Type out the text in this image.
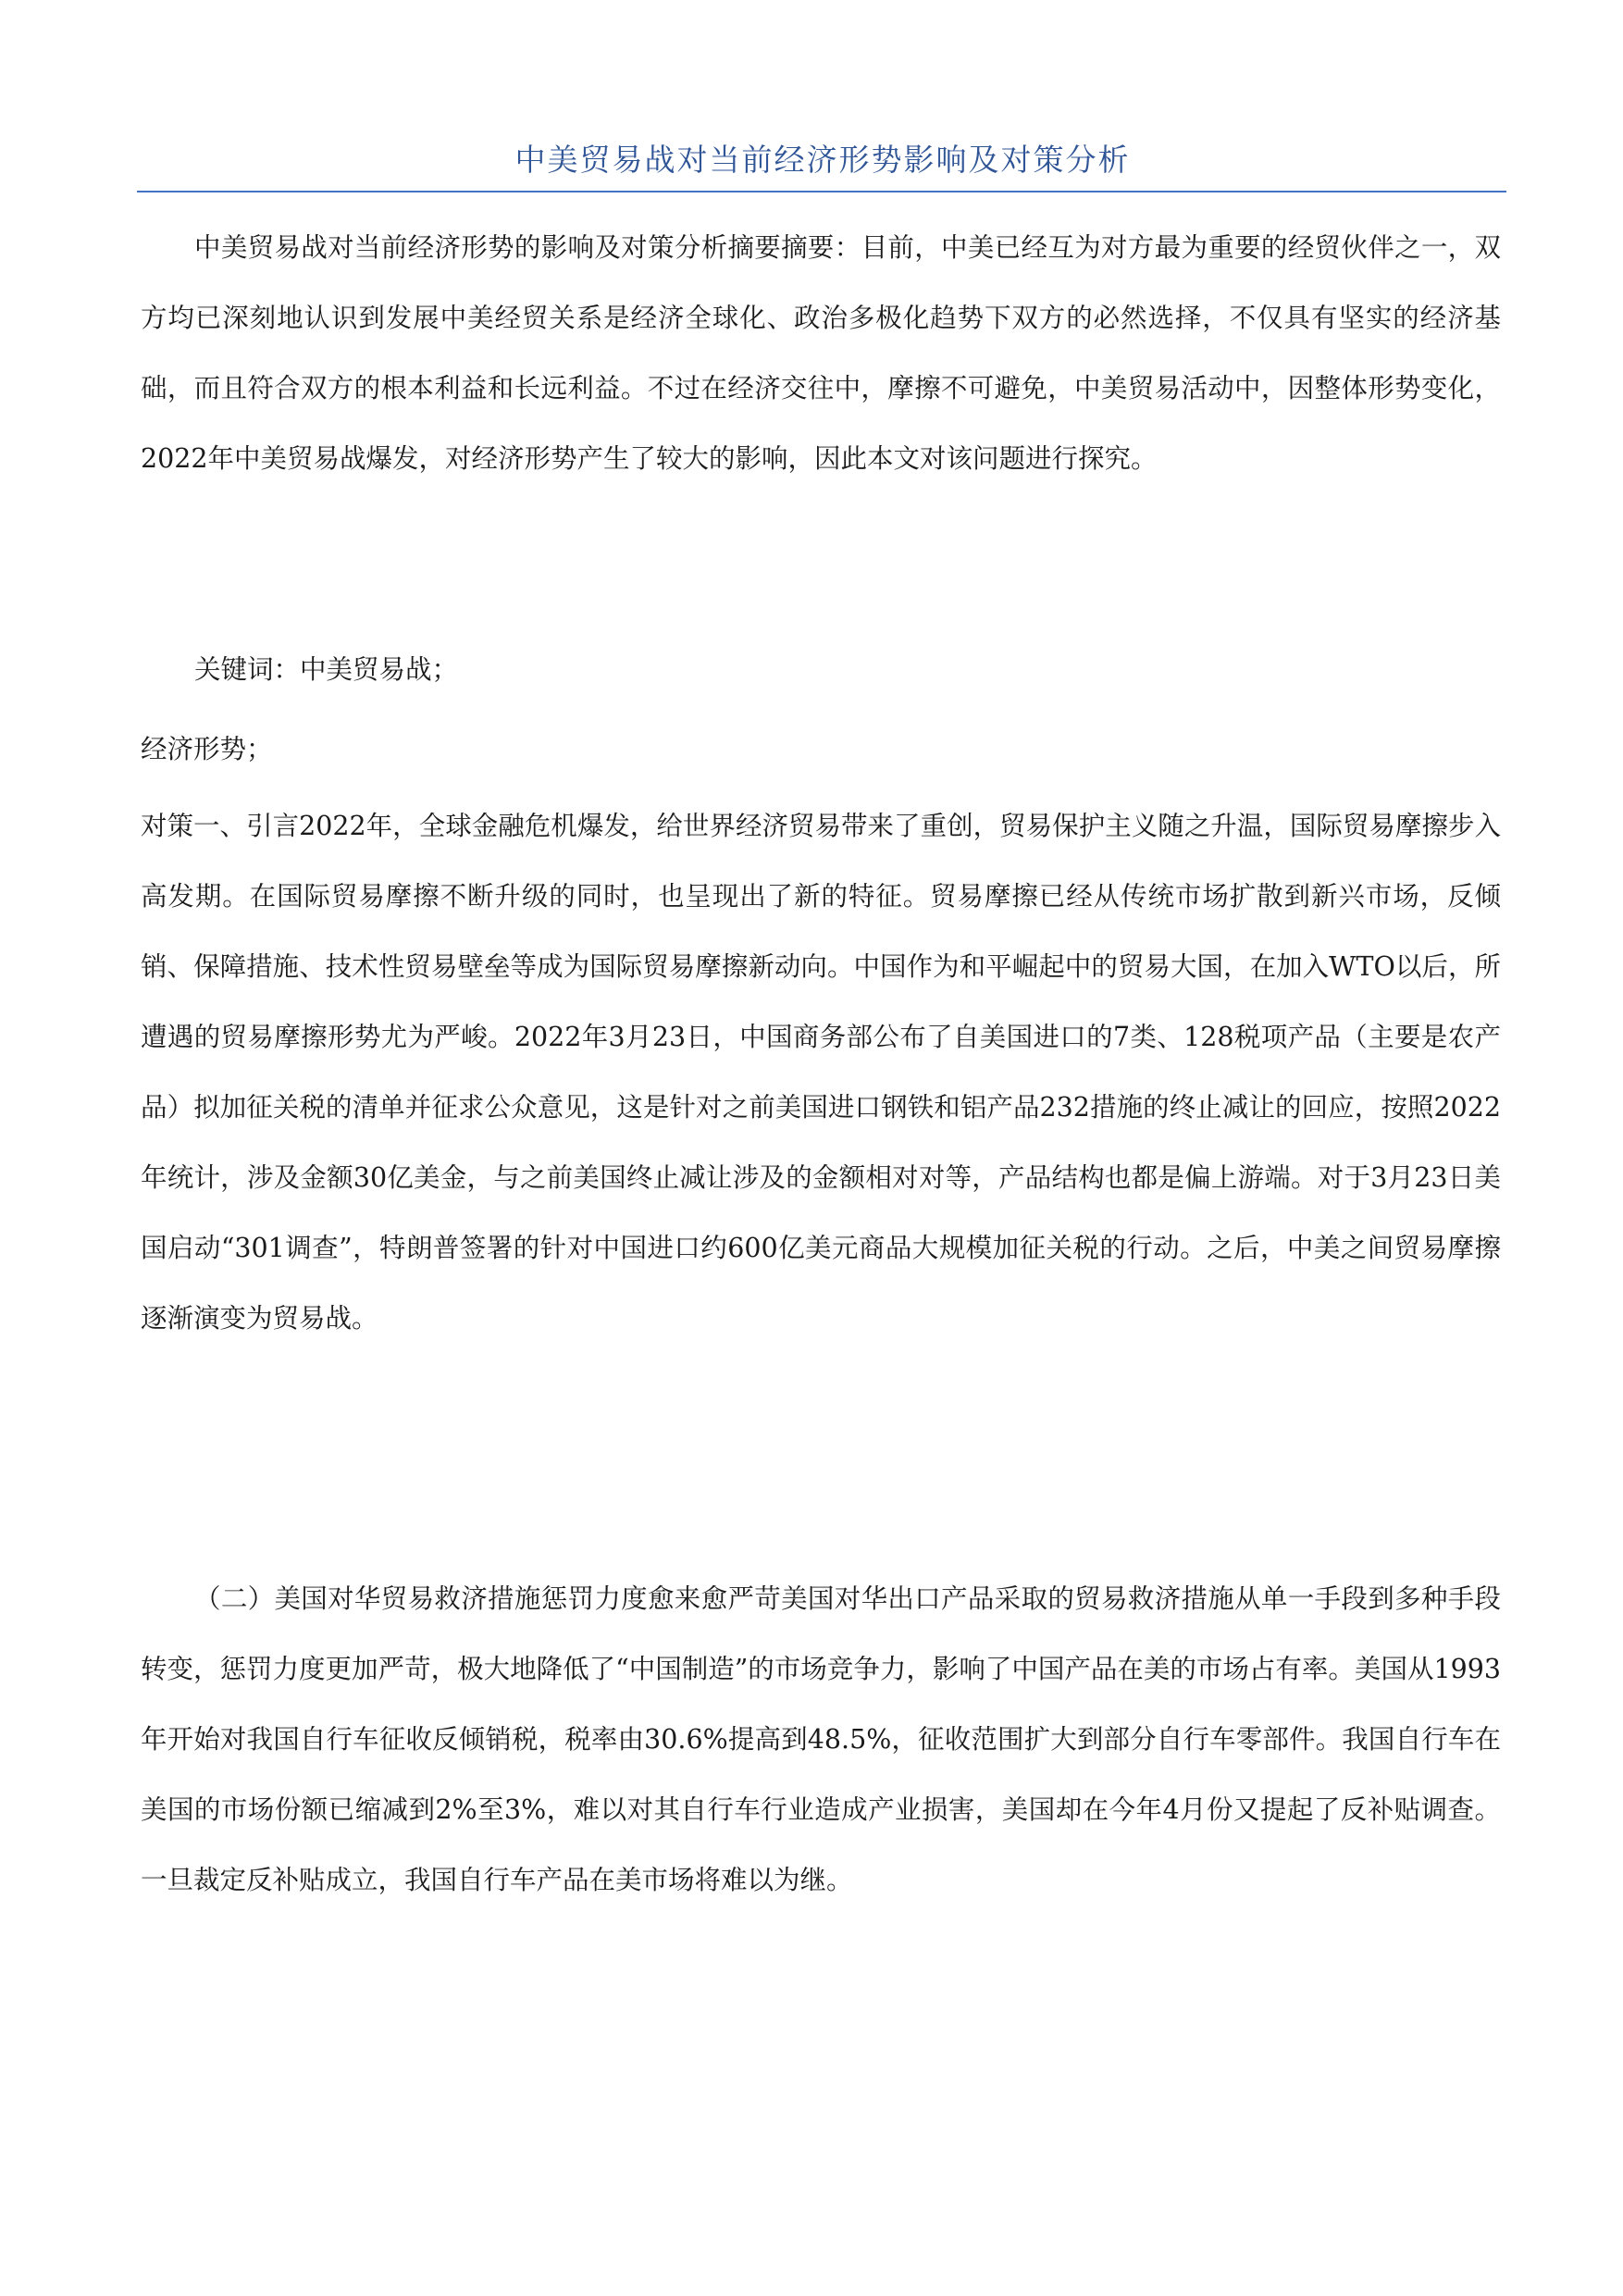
中美贸易战对当前经济形势影响及对策分析

中美贸易战对当前经济形势的影响及对策分析摘要摘要：目前，中美已经互为对方最为重要的经贸伙伴之一，双方均已深刻地认识到发展中美经贸关系是经济全球化、政治多极化趋势下双方的必然选择，不仅具有坚实的经济基础，而且符合双方的根本利益和长远利益。不过在经济交往中，摩擦不可避免，中美贸易活动中，因整体形势变化，2022年中美贸易战爆发，对经济形势产生了较大的影响，因此本文对该问题进行探究。

关键词：中美贸易战；

经济形势；

对策一、引言2022年，全球金融危机爆发，给世界经济贸易带来了重创，贸易保护主义随之升温，国际贸易摩擦步入高发期。在国际贸易摩擦不断升级的同时，也呈现出了新的特征。贸易摩擦已经从传统市场扩散到新兴市场，反倾销、保障措施、技术性贸易壁垒等成为国际贸易摩擦新动向。中国作为和平崛起中的贸易大国，在加入WTO以后，所遭遇的贸易摩擦形势尤为严峻。2022年3月23日，中国商务部公布了自美国进口的7类、128税项产品（主要是农产品）拟加征关税的清单并征求公众意见，这是针对之前美国进口钢铁和铝产品232措施的终止减让的回应，按照2022年统计，涉及金额30亿美金，与之前美国终止减让涉及的金额相对对等，产品结构也都是偏上游端。对于3月23日美国启动“301调查”，特朗普签署的针对中国进口约600亿美元商品大规模加征关税的行动。之后，中美之间贸易摩擦逐渐演变为贸易战。

（二）美国对华贸易救济措施惩罚力度愈来愈严苛美国对华出口产品采取的贸易救济措施从单一手段到多种手段转变，惩罚力度更加严苛，极大地降低了“中国制造”的市场竞争力，影响了中国产品在美的市场占有率。美国从1993年开始对我国自行车征收反倾销税，税率由30.6%提高到48.5%，征收范围扩大到部分自行车零部件。我国自行车在美国的市场份额已缩减到2%至3%，难以对其自行车行业造成产业损害，美国却在今年4月份又提起了反补贴调查。一旦裁定反补贴成立，我国自行车产品在美市场将难以为继。
